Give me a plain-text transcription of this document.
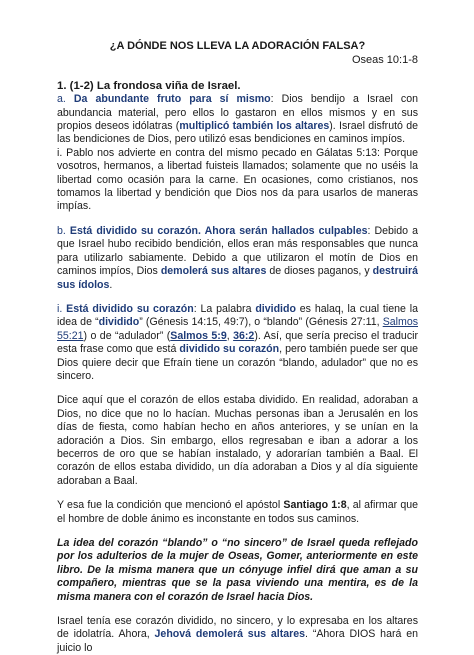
¿A DÓNDE NOS LLEVA LA ADORACIÓN FALSA?
Oseas 10:1-8
1. (1-2) La frondosa viña de Israel.

a. Da abundante fruto para sí mismo: Dios bendijo a Israel con abundancia material, pero ellos lo gastaron en ellos mismos y en sus propios deseos idólatras (multiplicó también los altares). Israel disfrutó de las bendiciones de Dios, pero utilizó esas bendiciones en caminos impíos.

i. Pablo nos advierte en contra del mismo pecado en Gálatas 5:13: Porque vosotros, hermanos, a libertad fuisteis llamados; solamente que no uséis la libertad como ocasión para la carne. En ocasiones, como cristianos, nos tomamos la libertad y bendición que Dios nos da para usarlos de maneras impías.

b. Está dividido su corazón. Ahora serán hallados culpables: Debido a que Israel hubo recibido bendición, ellos eran más responsables que nunca para utilizarlo sabiamente. Debido a que utilizaron el motín de Dios en caminos impíos, Dios demolerá sus altares de dioses paganos, y destruirá sus ídolos.

i. Está dividido su corazón: La palabra dividido es halaq, la cual tiene la idea de “dividido” (Génesis 14:15, 49:7), o “blando” (Génesis 27:11, Salmos 55:21) o de “adulador” (Salmos 5:9, 36:2). Así, que sería preciso el traducir esta frase como que está dividido su corazón, pero también puede ser que Dios quiere decir que Efraín tiene un corazón “blando, adulador” que no es sincero.

Dice aquí que el corazón de ellos estaba dividido. En realidad, adoraban a Dios, no dice que no lo hacían. Muchas personas iban a Jerusalén en los días de fiesta, como habían hecho en años anteriores, y se unían en la adoración a Dios. Sin embargo, ellos regresaban e iban a adorar a los becerros de oro que se habían instalado, y adorarían también a Baal. El corazón de ellos estaba dividido, un día adoraban a Dios y al día siguiente adoraban a Baal.

Y esa fue la condición que mencionó el apóstol Santiago 1:8, al afirmar que el hombre de doble ánimo es inconstante en todos sus caminos.

La idea del corazón “blando” o “no sincero” de Israel queda reflejado por los adulterios de la mujer de Oseas, Gomer, anteriormente en este libro. De la misma manera que un cónyuge infiel dirá que aman a su compañero, mientras que se la pasa viviendo una mentira, es de la misma manera con el corazón de Israel hacia Dios.

Israel tenía ese corazón dividido, no sincero, y lo expresaba en los altares de idolatría. Ahora, Jehová demolerá sus altares. “Ahora DIOS hará en juicio lo
